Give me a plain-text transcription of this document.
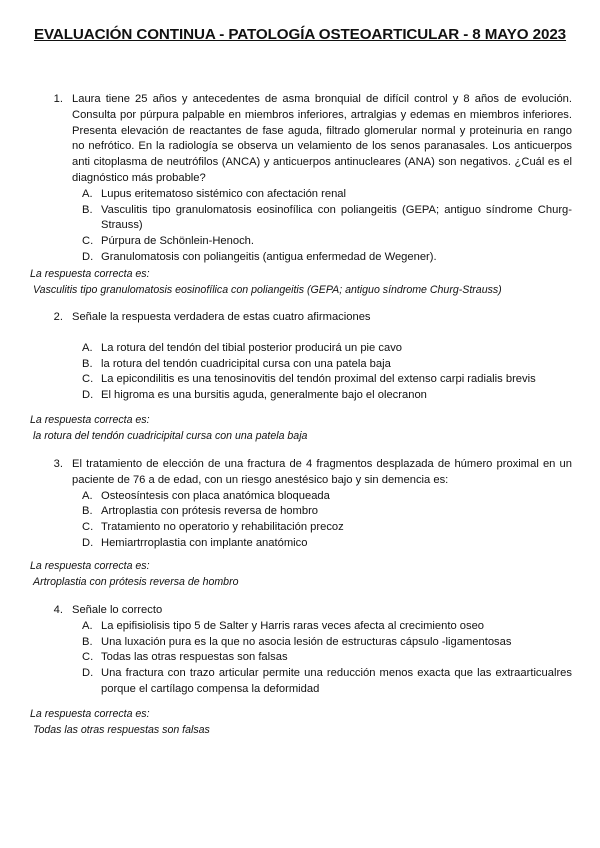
EVALUACIÓN CONTINUA - PATOLOGÍA OSTEOARTICULAR - 8 MAYO 2023
1. Laura tiene 25 años y antecedentes de asma bronquial de difícil control y 8 años de evolución. Consulta por púrpura palpable en miembros inferiores, artralgias y edemas en miembros inferiores. Presenta elevación de reactantes de fase aguda, filtrado glomerular normal y proteinuria en rango no nefrótico. En la radiología se observa un velamiento de los senos paranasales. Los anticuerpos anti citoplasma de neutrófilos (ANCA) y anticuerpos antinucleares (ANA) son negativos. ¿Cuál es el diagnóstico más probable?
A. Lupus eritematoso sistémico con afectación renal
B. Vasculitis tipo granulomatosis eosinofílica con poliangeitis (GEPA; antiguo síndrome Churg-Strauss)
C. Púrpura de Schönlein-Henoch.
D. Granulomatosis con poliangeitis (antigua enfermedad de Wegener).
La respuesta correcta es:
Vasculitis tipo granulomatosis eosinofílica con poliangeitis (GEPA; antiguo síndrome Churg-Strauss)
2. Señale la respuesta verdadera de estas cuatro afirmaciones
A. La rotura del tendón del tibial posterior producirá un pie cavo
B. la rotura del tendón cuadricipital cursa con una patela baja
C. La epicondilitis es una tenosinovitis del tendón proximal del extenso carpi radialis brevis
D. El higroma es una bursitis aguda, generalmente bajo el olecranon
La respuesta correcta es:
la rotura del tendón cuadricipital cursa con una patela baja
3. El tratamiento de elección de una fractura de 4 fragmentos desplazada de húmero proximal en un paciente de 76 a de edad, con un riesgo anestésico bajo y sin demencia es:
A. Osteosíntesis con placa anatómica bloqueada
B. Artroplastia con prótesis reversa de hombro
C. Tratamiento no operatorio y rehabilitación precoz
D. Hemiartrroplastia con implante anatómico
La respuesta correcta es:
Artroplastia con prótesis reversa de hombro
4. Señale lo correcto
A. La epifisiolisis tipo 5 de Salter y Harris raras veces afecta al crecimiento oseo
B. Una luxación pura es la que no asocia lesión de estructuras cápsulo -ligamentosas
C. Todas las otras respuestas son falsas
D. Una fractura con trazo articular permite una reducción menos exacta que las extraarticualres porque el cartílago compensa la deformidad
La respuesta correcta es:
Todas las otras respuestas son falsas
